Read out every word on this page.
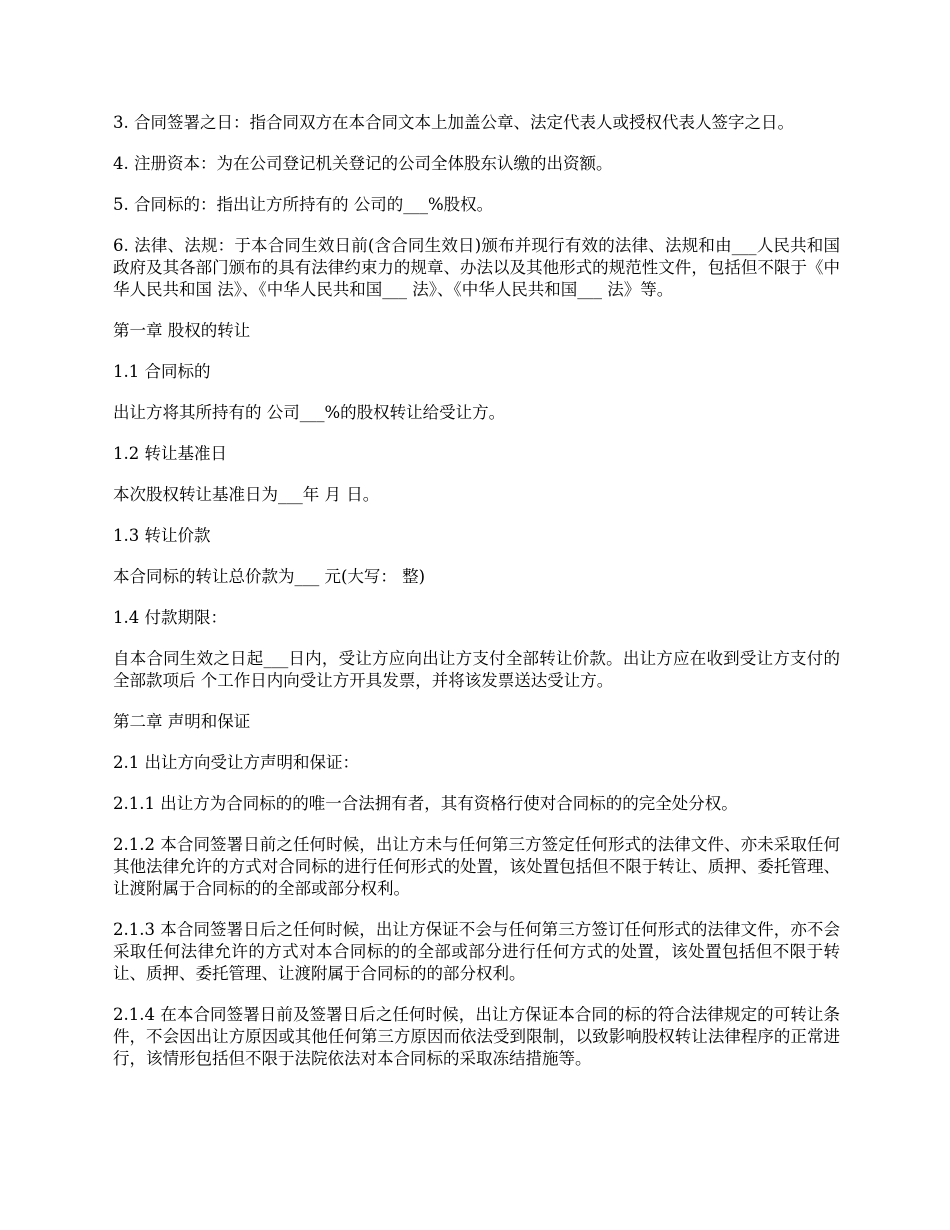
3. 合同签署之日：指合同双方在本合同文本上加盖公章、法定代表人或授权代表人签字之日。

4. 注册资本：为在公司登记机关登记的公司全体股东认缴的出资额。

5. 合同标的：指出让方所持有的 公司的___%股权。

6. 法律、法规：于本合同生效日前(含合同生效日)颁布并现行有效的法律、法规和由___人民共和国政府及其各部门颁布的具有法律约束力的规章、办法以及其他形式的规范性文件，包括但不限于《中华人民共和国 法》、《中华人民共和国___ 法》、《中华人民共和国___ 法》等。

第一章 股权的转让

1.1 合同标的

出让方将其所持有的 公司___%的股权转让给受让方。

1.2 转让基准日

本次股权转让基准日为___年 月 日。

1.3 转让价款

本合同标的转让总价款为___ 元(大写： 整)

1.4 付款期限：

自本合同生效之日起___日内，受让方应向出让方支付全部转让价款。出让方应在收到受让方支付的全部款项后 个工作日内向受让方开具发票，并将该发票送达受让方。

第二章 声明和保证

2.1 出让方向受让方声明和保证：

2.1.1 出让方为合同标的的唯一合法拥有者，其有资格行使对合同标的的完全处分权。

2.1.2 本合同签署日前之任何时候，出让方未与任何第三方签定任何形式的法律文件、亦未采取任何其他法律允许的方式对合同标的进行任何形式的处置，该处置包括但不限于转让、质押、委托管理、让渡附属于合同标的的全部或部分权利。

2.1.3 本合同签署日后之任何时候，出让方保证不会与任何第三方签订任何形式的法律文件，亦不会采取任何法律允许的方式对本合同标的的全部或部分进行任何方式的处置，该处置包括但不限于转让、质押、委托管理、让渡附属于合同标的的部分权利。

2.1.4 在本合同签署日前及签署日后之任何时候，出让方保证本合同的标的符合法律规定的可转让条件，不会因出让方原因或其他任何第三方原因而依法受到限制，以致影响股权转让法律程序的正常进行，该情形包括但不限于法院依法对本合同标的采取冻结措施等。
